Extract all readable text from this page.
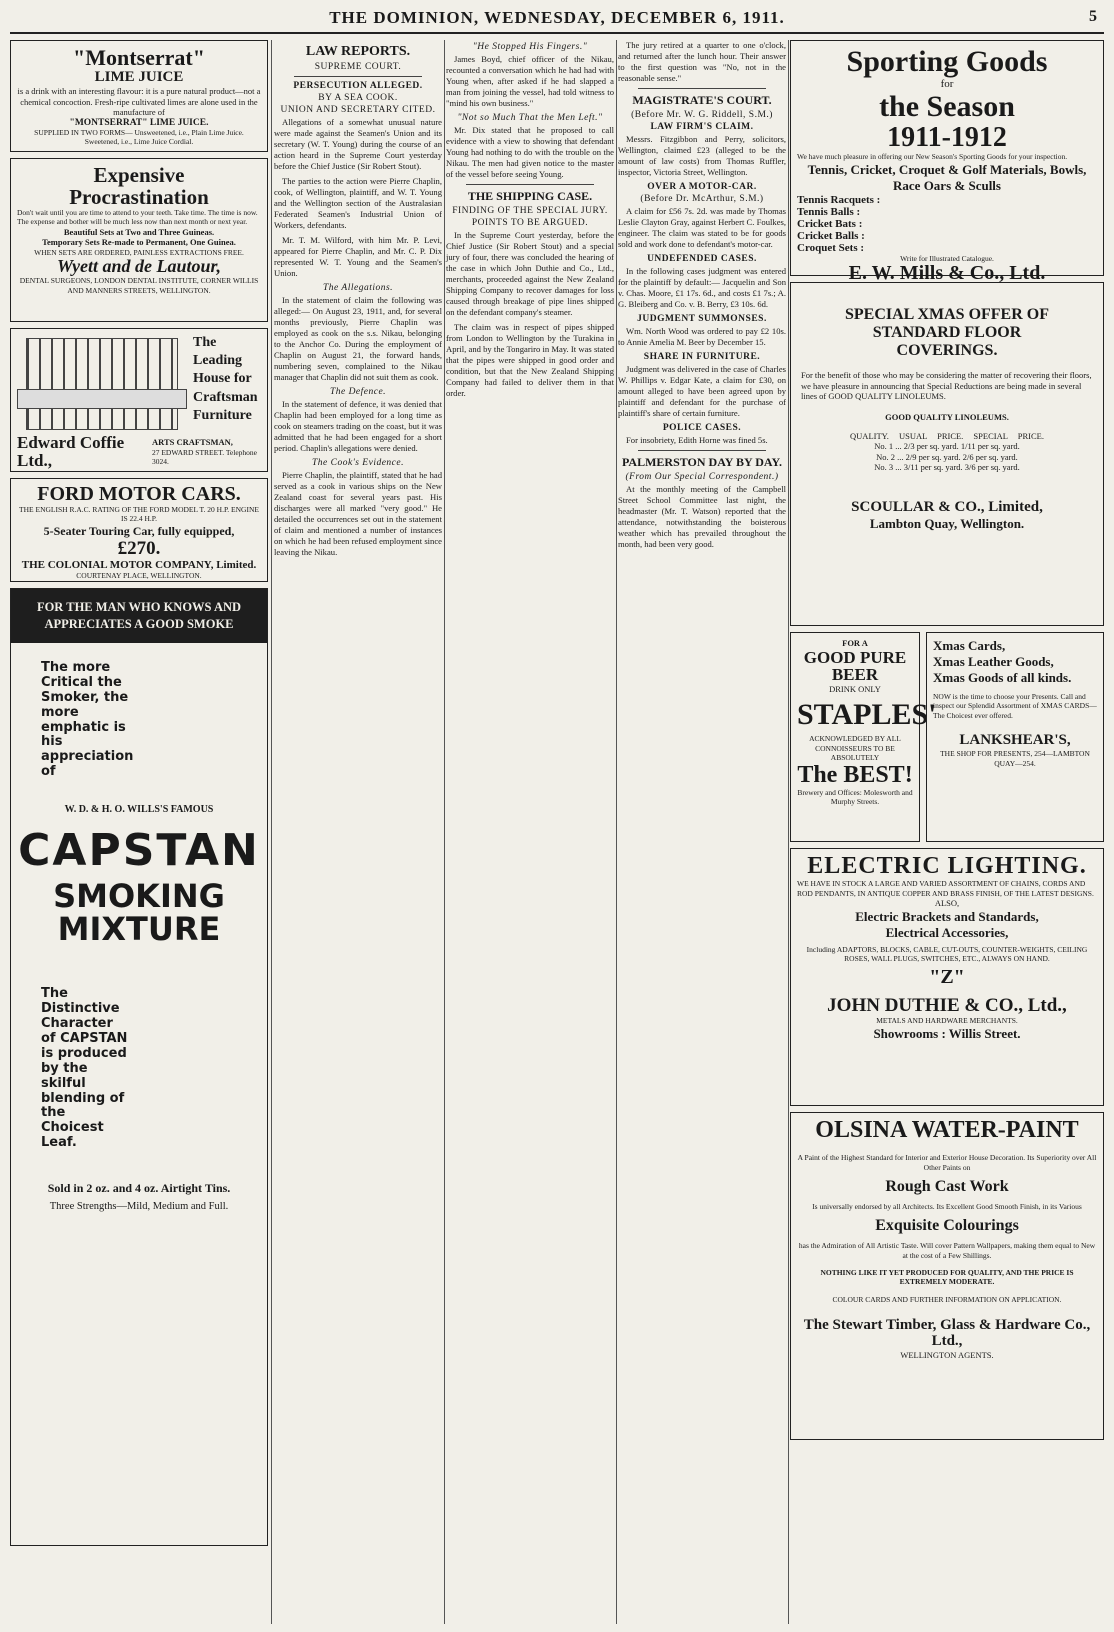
THE DOMINION, WEDNESDAY, DECEMBER 6, 1911.	5
"Montserrat"
LIME JUICE
is a drink with an interesting flavour: it is a pure natural product—not a chemical concoction. Fresh-ripe cultivated limes are alone used in the manufacture of
"MONTSERRAT" LIME JUICE.
SUPPLIED IN TWO FORMS— Unsweetened, i.e., Plain Lime Juice. Sweetened, i.e., Lime Juice Cordial.
Expensive
Procrastination
Don't wait until you are time to attend to your teeth. Take time. The time is now. The expense and bother will be much less now than next month or next year.
Beautiful Sets at Two and Three Guineas.
Temporary Sets Re-made to Permanent, One Guinea.
WHEN SETS ARE ORDERED, PAINLESS EXTRACTIONS FREE.
Wyett and de Lautour,
DENTAL SURGEONS, LONDON DENTAL INSTITUTE, CORNER WILLIS AND MANNERS STREETS, WELLINGTON.
The Leading House for Craftsman Furniture
Edward Coffie Ltd.,
ARTS CRAFTSMAN,
27 EDWARD STREET. Telephone 3024.
FORD MOTOR CARS.
THE ENGLISH R.A.C. RATING OF THE FORD MODEL T. 20 H.P. ENGINE IS 22.4 H.P.
5-Seater Touring Car, fully equipped,
£270.
THE COLONIAL MOTOR COMPANY, Limited.
COURTENAY PLACE, WELLINGTON.
FOR THE MAN WHO KNOWS AND APPRECIATES A GOOD SMOKE
The more Critical the Smoker, the more emphatic is his appreciation of
W. D. & H. O. WILLS'S FAMOUS
CAPSTAN
SMOKING MIXTURE
The Distinctive Character of CAPSTAN is produced by the skilful blending of the Choicest Leaf.
Sold in 2 oz. and 4 oz. Airtight Tins.
Three Strengths—Mild, Medium and Full.
LAW REPORTS.
SUPREME COURT.
PERSECUTION ALLEGED.
BY A SEA COOK.
UNION AND SECRETARY CITED.

Allegations of a somewhat unusual nature were made against the Seamen's Union and its secretary (W. T. Young) during the course of an action heard in the Supreme Court yesterday before the Chief Justice (Sir Robert Stout).

The parties to the action were Pierre Chaplin, cook, of Wellington, plaintiff, and W. T. Young and the Wellington section of the Australasian Federated Seamen's Industrial Union of Workers, defendants.

Mr. T. M. Wilford, with him Mr. P. Levi, appeared for Pierre Chaplin, and Mr. C. P. Dix represented W. T. Young and the Seamen's Union.

The Allegations.

In the statement of claim the following was alleged:— On August 23, 1911, and, for several months previously, Pierre Chaplin was employed as cook on the s.s. Nikau, belonging to the Anchor Co. During the employment of Chaplin on August 21, the forward hands, numbering seven, complained to the Nikau manager that Chaplin did not suit them as cook.

The Defence.

In the statement of defence, it was denied that Chaplin had been employed for a long time as cook on steamers trading on the coast, but it was admitted that he had been engaged for a short period. Chaplin's allegations were denied.

The Cook's Evidence.

Pierre Chaplin, the plaintiff, stated that he had served as a cook in various ships on the New Zealand coast for several years past. His discharges were all marked "very good." He detailed the occurrences set out in the statement of claim and mentioned a number of instances on which he had been refused employment since leaving the Nikau.

"He Stopped His Fingers."

James Boyd, chief officer of the Nikau, recounted a conversation which he had had with Young when, after asked if he had slapped a man from joining the vessel, had told witness to "mind his own business."

"Not so Much That the Men Left."

Mr. Dix stated that he proposed to call evidence with a view to showing that defendant Young had nothing to do with the trouble on the Nikau. The men had given notice to the master of the vessel before seeing Young.

THE SHIPPING CASE.
FINDING OF THE SPECIAL JURY.
POINTS TO BE ARGUED.

In the Supreme Court yesterday, before the Chief Justice (Sir Robert Stout) and a special jury of four, there was concluded the hearing of the case in which John Duthie and Co., Ltd., merchants, proceeded against the New Zealand Shipping Company to recover damages for loss caused through breakage of pipe lines shipped on the defendant company's steamer.

The claim was in respect of pipes shipped from London to Wellington by the Turakina in April, and by the Tongariro in May. It was stated that the pipes were shipped in good order and condition, but that the New Zealand Shipping Company had failed to deliver them in that order.

The jury retired at a quarter to one o'clock, and returned after the lunch hour. Their answer to the first question was "No, not in the reasonable sense."

MAGISTRATE'S COURT.
(Before Mr. W. G. Riddell, S.M.)
LAW FIRM'S CLAIM.

Messrs. Fitzgibbon and Perry, solicitors, Wellington, claimed £23 (alleged to be the amount of law costs) from Thomas Ruffler, inspector, Victoria Street, Wellington.

OVER A MOTOR-CAR.
(Before Dr. McArthur, S.M.)

A claim for £56 7s. 2d. was made by Thomas Leslie Clayton Gray, against Herbert C. Foulkes, engineer. The claim was stated to be for goods sold and work done to defendant's motor-car.

UNDEFENDED CASES.

In the following cases judgment was entered for the plaintiff by default:— Jacquelin and Son v. Chas. Moore, £1 17s. 6d., and costs £1 7s.; A. G. Bleiberg and Co. v. B. Berry, £3 10s. 6d.

JUDGMENT SUMMONSES.

Wm. North Wood was ordered to pay £2 10s. to Annie Amelia M. Beer by December 15.

SHARE IN FURNITURE.

Judgment was delivered in the case of Charles W. Phillips v. Edgar Kate, a claim for £30, on amount alleged to have been agreed upon by plaintiff and defendant for the purchase of plaintiff's share of certain furniture.

POLICE CASES.

For insobriety, Edith Horne was fined 5s.

PALMERSTON DAY BY DAY.
(From Our Special Correspondent.)

At the monthly meeting of the Campbell Street School Committee last night, the headmaster (Mr. T. Watson) reported that the attendance, notwithstanding the boisterous weather which has prevailed throughout the month, had been very good.

Sporting Goods
for
the Season
1911-1912
We have much pleasure in offering our New Season's Sporting Goods for your inspection.
Tennis, Cricket, Croquet & Golf Materials, Bowls, Race Oars & Sculls
Tennis Racquets :
Tennis Balls :
Cricket Bats :
Cricket Balls :
Croquet Sets :
Write for Illustrated Catalogue.
E. W. Mills & Co., Ltd.
SPECIAL XMAS OFFER OF
STANDARD FLOOR
COVERINGS.
For the benefit of those who may be considering the matter of recovering their floors, we have pleasure in announcing that Special Reductions are being made in several lines of GOOD QUALITY LINOLEUMS.
GOOD QUALITY LINOLEUMS.
QUALITY. USUAL PRICE. SPECIAL PRICE.
No. 1 ... 2/3 per sq. yard. 1/11 per sq. yard.
No. 2 ... 2/9 per sq. yard. 2/6 per sq. yard.
No. 3 ... 3/11 per sq. yard. 3/6 per sq. yard.
SCOULLAR & CO., Limited,
Lambton Quay, Wellington.
FOR A
GOOD PURE BEER
DRINK ONLY
STAPLES'
ACKNOWLEDGED BY ALL CONNOISSEURS TO BE ABSOLUTELY
The BEST!
Brewery and Offices: Molesworth and Murphy Streets.
Xmas Cards,
Xmas Leather Goods,
Xmas Goods of all kinds.
NOW is the time to choose your Presents. Call and inspect our Splendid Assortment of XMAS CARDS—The Choicest ever offered.
LANKSHEAR'S,
THE SHOP FOR PRESENTS, 254—LAMBTON QUAY—254.
ELECTRIC LIGHTING.
WE HAVE IN STOCK A LARGE AND VARIED ASSORTMENT OF CHAINS, CORDS AND ROD PENDANTS, IN ANTIQUE COPPER AND BRASS FINISH, OF THE LATEST DESIGNS.
ALSO,
Electric Brackets and Standards,
Electrical Accessories,
Including ADAPTORS, BLOCKS, CABLE, CUT-OUTS, COUNTER-WEIGHTS, CEILING ROSES, WALL PLUGS, SWITCHES, ETC., ALWAYS ON HAND.
"Z"
JOHN DUTHIE & CO., Ltd.,
METALS AND HARDWARE MERCHANTS.
Showrooms : Willis Street.
OLSINA WATER-PAINT
A Paint of the Highest Standard for Interior and Exterior House Decoration. Its Superiority over All Other Paints on
Rough Cast Work
Is universally endorsed by all Architects. Its Excellent Good Smooth Finish, in its Various
Exquisite Colourings
has the Admiration of All Artistic Taste. Will cover Pattern Wallpapers, making them equal to New at the cost of a Few Shillings.
NOTHING LIKE IT YET PRODUCED FOR QUALITY, AND THE PRICE IS EXTREMELY MODERATE.
COLOUR CARDS AND FURTHER INFORMATION ON APPLICATION.
The Stewart Timber, Glass & Hardware Co., Ltd.,
WELLINGTON AGENTS.
